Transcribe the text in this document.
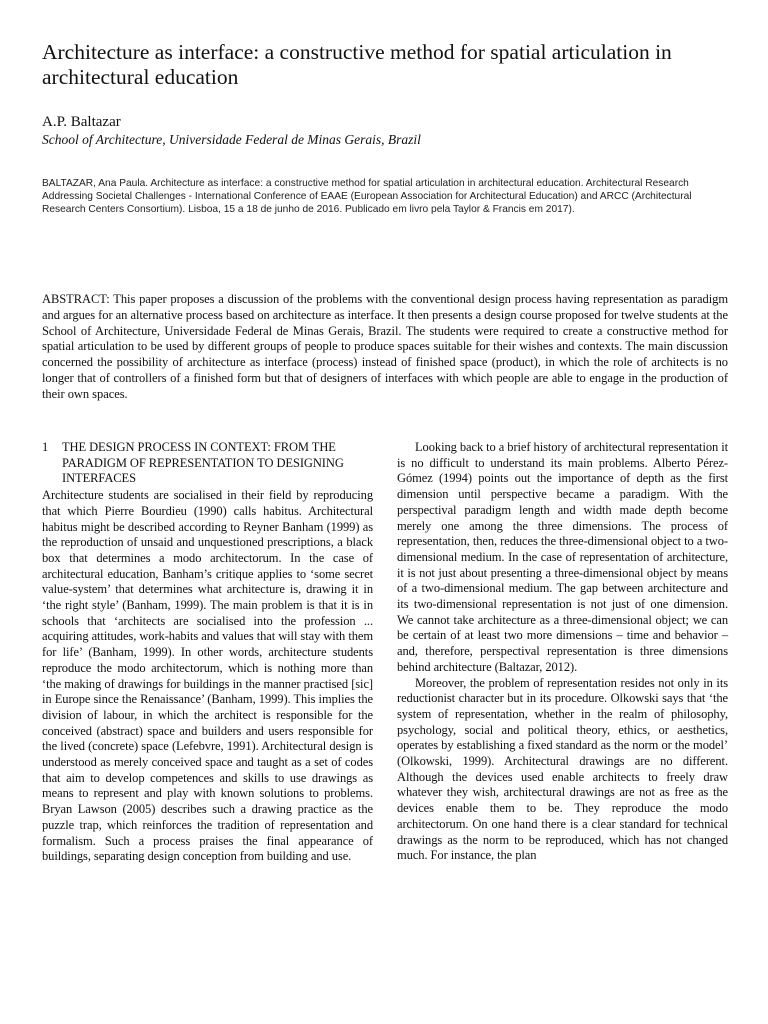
Architecture as interface: a constructive method for spatial articulation in architectural education
A.P. Baltazar
School of Architecture, Universidade Federal de Minas Gerais, Brazil
BALTAZAR, Ana Paula. Architecture as interface: a constructive method for spatial articulation in architectural education. Architectural Research Addressing Societal Challenges - International Conference of EAAE (European Association for Architectural Education) and ARCC (Architectural Research Centers Consortium). Lisboa, 15 a 18 de junho de 2016. Publicado em livro pela Taylor & Francis em 2017).
ABSTRACT: This paper proposes a discussion of the problems with the conventional design process having representation as paradigm and argues for an alternative process based on architecture as interface. It then presents a design course proposed for twelve students at the School of Architecture, Universidade Federal de Minas Gerais, Brazil. The students were required to create a constructive method for spatial articulation to be used by different groups of people to produce spaces suitable for their wishes and contexts. The main discussion concerned the possibility of architecture as interface (process) instead of finished space (product), in which the role of architects is no longer that of controllers of a finished form but that of designers of interfaces with which people are able to engage in the production of their own spaces.
1	THE DESIGN PROCESS IN CONTEXT: FROM THE PARADIGM OF REPRESENTATION TO DESIGNING INTERFACES

Architecture students are socialised in their field by reproducing that which Pierre Bourdieu (1990) calls habitus. Architectural habitus might be described according to Reyner Banham (1999) as the reproduction of unsaid and unquestioned prescriptions, a black box that determines a modo architectorum. In the case of architectural education, Banham’s critique applies to ‘some secret value-system’ that determines what architecture is, drawing it in ‘the right style’ (Banham, 1999). The main problem is that it is in schools that ‘architects are socialised into the profession ... acquiring attitudes, work-habits and values that will stay with them for life’ (Banham, 1999). In other words, architecture students reproduce the modo architectorum, which is nothing more than ‘the making of drawings for buildings in the manner practised [sic] in Europe since the Renaissance’ (Banham, 1999). This implies the division of labour, in which the architect is responsible for the conceived (abstract) space and builders and users responsible for the lived (concrete) space (Lefebvre, 1991). Architectural design is understood as merely conceived space and taught as a set of codes that aim to develop competences and skills to use drawings as means to represent and play with known solutions to problems. Bryan Lawson (2005) describes such a drawing practice as the puzzle trap, which reinforces the tradition of representation and formalism. Such a process praises the final appearance of buildings, separating design conception from building and use.

Looking back to a brief history of architectural representation it is no difficult to understand its main problems. Alberto Pérez-Gómez (1994) points out the importance of depth as the first dimension until perspective became a paradigm. With the perspectival paradigm length and width made depth become merely one among the three dimensions. The process of representation, then, reduces the three-dimensional object to a two-dimensional medium. In the case of representation of architecture, it is not just about presenting a three-dimensional object by means of a two-dimensional medium. The gap between architecture and its two-dimensional representation is not just of one dimension. We cannot take architecture as a three-dimensional object; we can be certain of at least two more dimensions – time and behavior – and, therefore, perspectival representation is three dimensions behind architecture (Baltazar, 2012).

Moreover, the problem of representation resides not only in its reductionist character but in its procedure. Olkowski says that ‘the system of representation, whether in the realm of philosophy, psychology, social and political theory, ethics, or aesthetics, operates by establishing a fixed standard as the norm or the model’ (Olkowski, 1999). Architectural drawings are no different. Although the devices used enable architects to freely draw whatever they wish, architectural drawings are not as free as the devices enable them to be. They reproduce the modo architectorum. On one hand there is a clear standard for technical drawings as the norm to be reproduced, which has not changed much. For instance, the plan
